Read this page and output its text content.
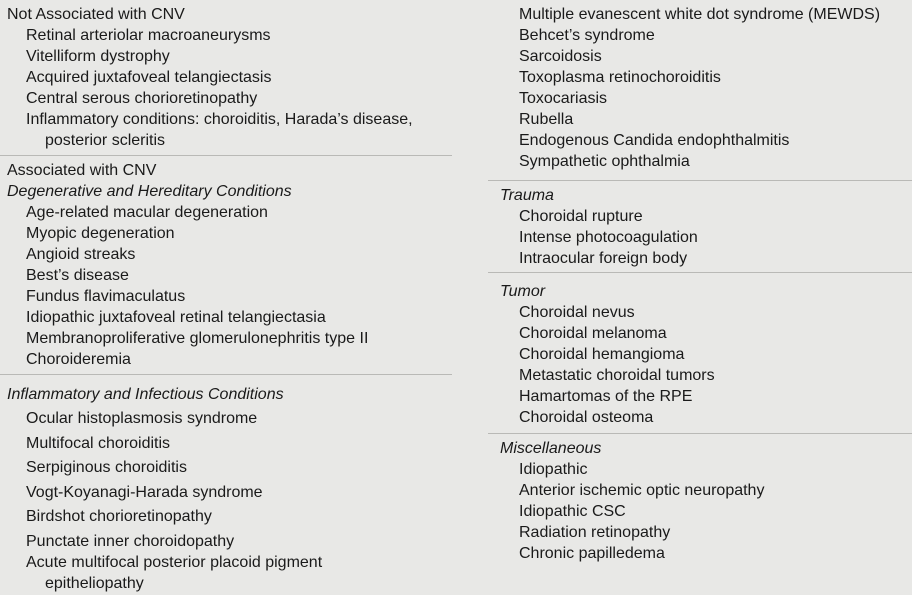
Not Associated with CNV
Retinal arteriolar macroaneurysms
Vitelliform dystrophy
Acquired juxtafoveal telangiectasis
Central serous chorioretinopathy
Inflammatory conditions: choroiditis, Harada’s disease,
posterior scleritis
Associated with CNV
Degenerative and Hereditary Conditions
Age-related macular degeneration
Myopic degeneration
Angioid streaks
Best’s disease
Fundus flavimaculatus
Idiopathic juxtafoveal retinal telangiectasia
Membranoproliferative glomerulonephritis type II
Choroideremia
Inflammatory and Infectious Conditions
Ocular histoplasmosis syndrome
Multifocal choroiditis
Serpiginous choroiditis
Vogt-Koyanagi-Harada syndrome
Birdshot chorioretinopathy
Punctate inner choroidopathy
Acute multifocal posterior placoid pigment
epitheliopathy
Multiple evanescent white dot syndrome (MEWDS)
Behcet’s syndrome
Sarcoidosis
Toxoplasma retinochoroiditis
Toxocariasis
Rubella
Endogenous Candida endophthalmitis
Sympathetic ophthalmia
Trauma
Choroidal rupture
Intense photocoagulation
Intraocular foreign body
Tumor
Choroidal nevus
Choroidal melanoma
Choroidal hemangioma
Metastatic choroidal tumors
Hamartomas of the RPE
Choroidal osteoma
Miscellaneous
Idiopathic
Anterior ischemic optic neuropathy
Idiopathic CSC
Radiation retinopathy
Chronic papilledema
